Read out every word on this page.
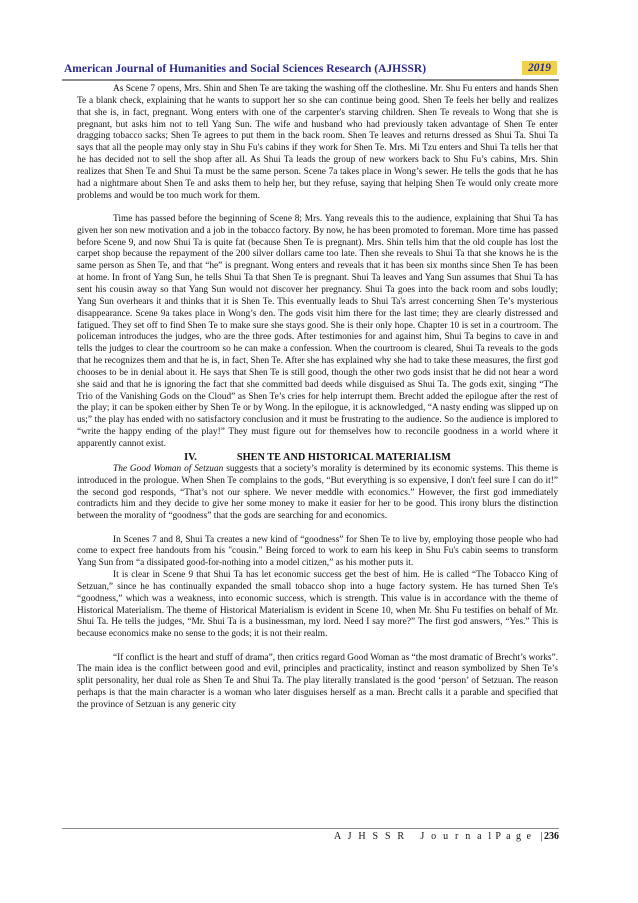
American Journal of Humanities and Social Sciences Research (AJHSSR)	2019

As Scene 7 opens, Mrs. Shin and Shen Te are taking the washing off the clothesline. Mr. Shu Fu enters and hands Shen Te a blank check, explaining that he wants to support her so she can continue being good. Shen Te feels her belly and realizes that she is, in fact, pregnant. Wong enters with one of the carpenter's starving children. Shen Te reveals to Wong that she is pregnant, but asks him not to tell Yang Sun. The wife and husband who had previously taken advantage of Shen Te enter dragging tobacco sacks; Shen Te agrees to put them in the back room. Shen Te leaves and returns dressed as Shui Ta. Shui Ta says that all the people may only stay in Shu Fu's cabins if they work for Shen Te. Mrs. Mi Tzu enters and Shui Ta tells her that he has decided not to sell the shop after all. As Shui Ta leads the group of new workers back to Shu Fu’s cabins, Mrs. Shin realizes that Shen Te and Shui Ta must be the same person. Scene 7a takes place in Wong’s sewer. He tells the gods that he has had a nightmare about Shen Te and asks them to help her, but they refuse, saying that helping Shen Te would only create more problems and would be too much work for them.

Time has passed before the beginning of Scene 8; Mrs. Yang reveals this to the audience, explaining that Shui Ta has given her son new motivation and a job in the tobacco factory. By now, he has been promoted to foreman. More time has passed before Scene 9, and now Shui Ta is quite fat (because Shen Te is pregnant). Mrs. Shin tells him that the old couple has lost the carpet shop because the repayment of the 200 silver dollars came too late. Then she reveals to Shui Ta that she knows he is the same person as Shen Te, and that “he” is pregnant. Wong enters and reveals that it has been six months since Shen Te has been at home. In front of Yang Sun, he tells Shui Ta that Shen Te is pregnant. Shui Ta leaves and Yang Sun assumes that Shui Ta has sent his cousin away so that Yang Sun would not discover her pregnancy. Shui Ta goes into the back room and sobs loudly; Yang Sun overhears it and thinks that it is Shen Te. This eventually leads to Shui Ta's arrest concerning Shen Te’s mysterious disappearance. Scene 9a takes place in Wong’s den. The gods visit him there for the last time; they are clearly distressed and fatigued. They set off to find Shen Te to make sure she stays good. She is their only hope. Chapter 10 is set in a courtroom. The policeman introduces the judges, who are the three gods. After testimonies for and against him, Shui Ta begins to cave in and tells the judges to clear the courtroom so he can make a confession. When the courtroom is cleared, Shui Ta reveals to the gods that he recognizes them and that he is, in fact, Shen Te. After she has explained why she had to take these measures, the first god chooses to be in denial about it. He says that Shen Te is still good, though the other two gods insist that he did not hear a word she said and that he is ignoring the fact that she committed bad deeds while disguised as Shui Ta. The gods exit, singing “The Trio of the Vanishing Gods on the Cloud” as Shen Te’s cries for help interrupt them. Brecht added the epilogue after the rest of the play; it can be spoken either by Shen Te or by Wong. In the epilogue, it is acknowledged, “A nasty ending was slipped up on us;” the play has ended with no satisfactory conclusion and it must be frustrating to the audience. So the audience is implored to “write the happy ending of the play!” They must figure out for themselves how to reconcile goodness in a world where it apparently cannot exist.

IV.	SHEN TE AND HISTORICAL MATERIALISM

The Good Woman of Setzuan suggests that a society’s morality is determined by its economic systems. This theme is introduced in the prologue. When Shen Te complains to the gods, “But everything is so expensive, I don't feel sure I can do it!” the second god responds, “That’s not our sphere. We never meddle with economics.” However, the first god immediately contradicts him and they decide to give her some money to make it easier for her to be good. This irony blurs the distinction between the morality of “goodness” that the gods are searching for and economics.

In Scenes 7 and 8, Shui Ta creates a new kind of “goodness” for Shen Te to live by, employing those people who had come to expect free handouts from his "cousin." Being forced to work to earn his keep in Shu Fu's cabin seems to transform Yang Sun from “a dissipated good-for-nothing into a model citizen,” as his mother puts it.

It is clear in Scene 9 that Shui Ta has let economic success get the best of him. He is called “The Tobacco King of Setzuan,” since he has continually expanded the small tobacco shop into a huge factory system. He has turned Shen Te's “goodness,” which was a weakness, into economic success, which is strength. This value is in accordance with the theme of Historical Materialism. The theme of Historical Materialism is evident in Scene 10, when Mr. Shu Fu testifies on behalf of Mr. Shui Ta. He tells the judges, “Mr. Shui Ta is a businessman, my lord. Need I say more?” The first god answers, “Yes.” This is because economics make no sense to the gods; it is not their realm.

“If conflict is the heart and stuff of drama”, then critics regard Good Woman as “the most dramatic of Brecht’s works”. The main idea is the conflict between good and evil, principles and practicality, instinct and reason symbolized by Shen Te’s split personality, her dual role as Shen Te and Shui Ta. The play literally translated is the good ‘person’ of Setzuan. The reason perhaps is that the main character is a woman who later disguises herself as a man. Brecht calls it a parable and specified that the province of Setzuan is any generic city

A J H S S R   J o u r n a l P a g e  |236
